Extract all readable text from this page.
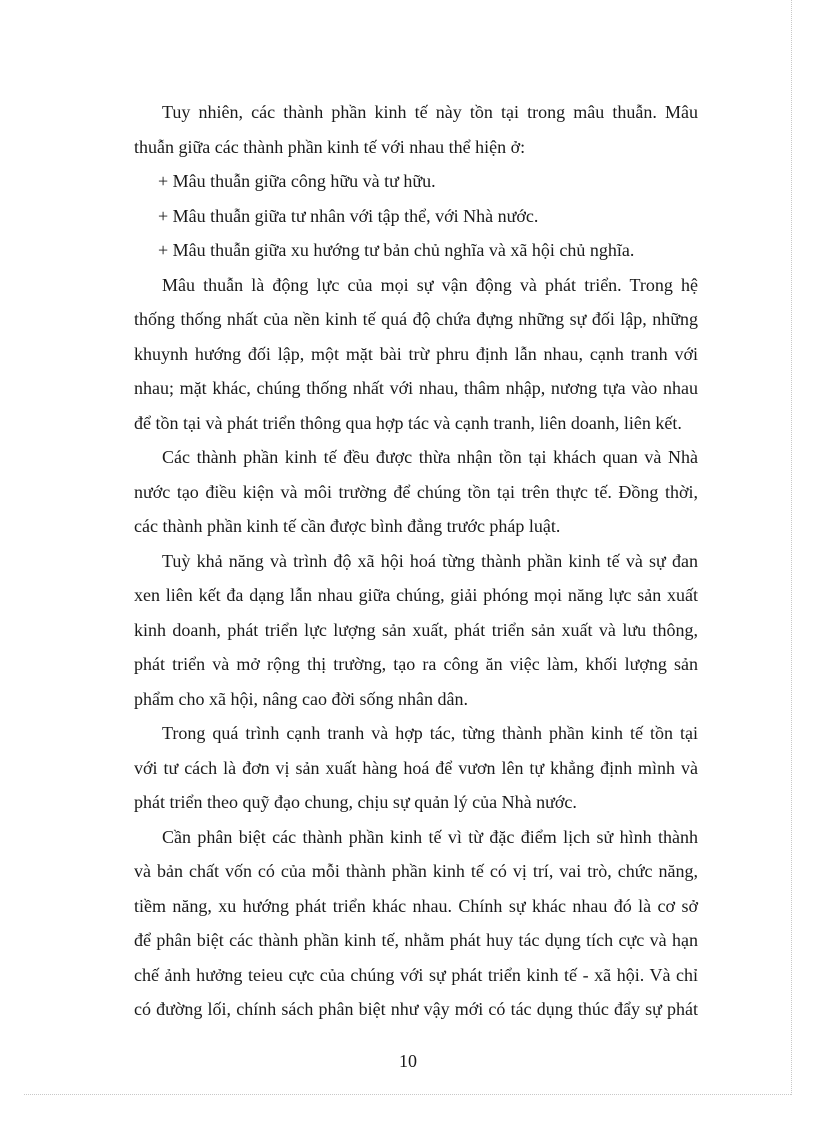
Tuy nhiên, các thành phần kinh tế này tồn tại trong mâu thuẫn. Mâu
thuẫn giữa các thành phần kinh tế với nhau thể hiện ở:
+ Mâu thuẫn giữa công hữu và tư hữu.
+ Mâu thuẫn giữa tư nhân với tập thể, với Nhà nước.
+ Mâu thuẫn giữa xu hướng tư bản chủ nghĩa và xã hội chủ nghĩa.
Mâu thuẫn là động lực của mọi sự vận động và phát triển. Trong hệ
thống thống nhất của nền kinh tế quá độ chứa đựng những sự đối lập, những
khuynh hướng đối lập, một mặt bài trừ phru định lẫn nhau, cạnh tranh với
nhau; mặt khác, chúng thống nhất với nhau, thâm nhập, nương tựa vào nhau
để tồn tại và phát triển thông qua hợp tác và cạnh tranh, liên doanh, liên kết.
Các thành phần kinh tế đều được thừa nhận tồn tại khách quan và Nhà
nước tạo điều kiện và môi trường để chúng tồn tại trên thực tế. Đồng thời,
các thành phần kinh tế cần được bình đẳng trước pháp luật.
Tuỳ khả năng và trình độ xã hội hoá từng thành phần kinh tế và sự đan
xen liên kết đa dạng lẫn nhau giữa chúng, giải phóng mọi năng lực sản xuất
kinh doanh, phát triển lực lượng sản xuất, phát triển sản xuất và lưu thông,
phát triển và mở rộng thị trường, tạo ra công ăn việc làm, khối lượng sản
phẩm cho xã hội, nâng cao đời sống nhân dân.
Trong quá trình cạnh tranh và hợp tác, từng thành phần kinh tế tồn tại
với tư cách là đơn vị sản xuất hàng hoá để vươn lên tự khẳng định mình và
phát triển theo quỹ đạo chung, chịu sự quản lý của Nhà nước.
Cần phân biệt các thành phần kinh tế vì từ đặc điểm lịch sử hình thành
và bản chất vốn có của mỗi thành phần kinh tế có vị trí, vai trò, chức năng,
tiềm năng, xu hướng phát triển khác nhau. Chính sự khác nhau đó là cơ sở
để phân biệt các thành phần kinh tế, nhằm phát huy tác dụng tích cực và hạn
chế ảnh hưởng teieu cực của chúng với sự phát triển kinh tế - xã hội. Và chỉ
có đường lối, chính sách phân biệt như vậy mới có tác dụng thúc đẩy sự phát
10
